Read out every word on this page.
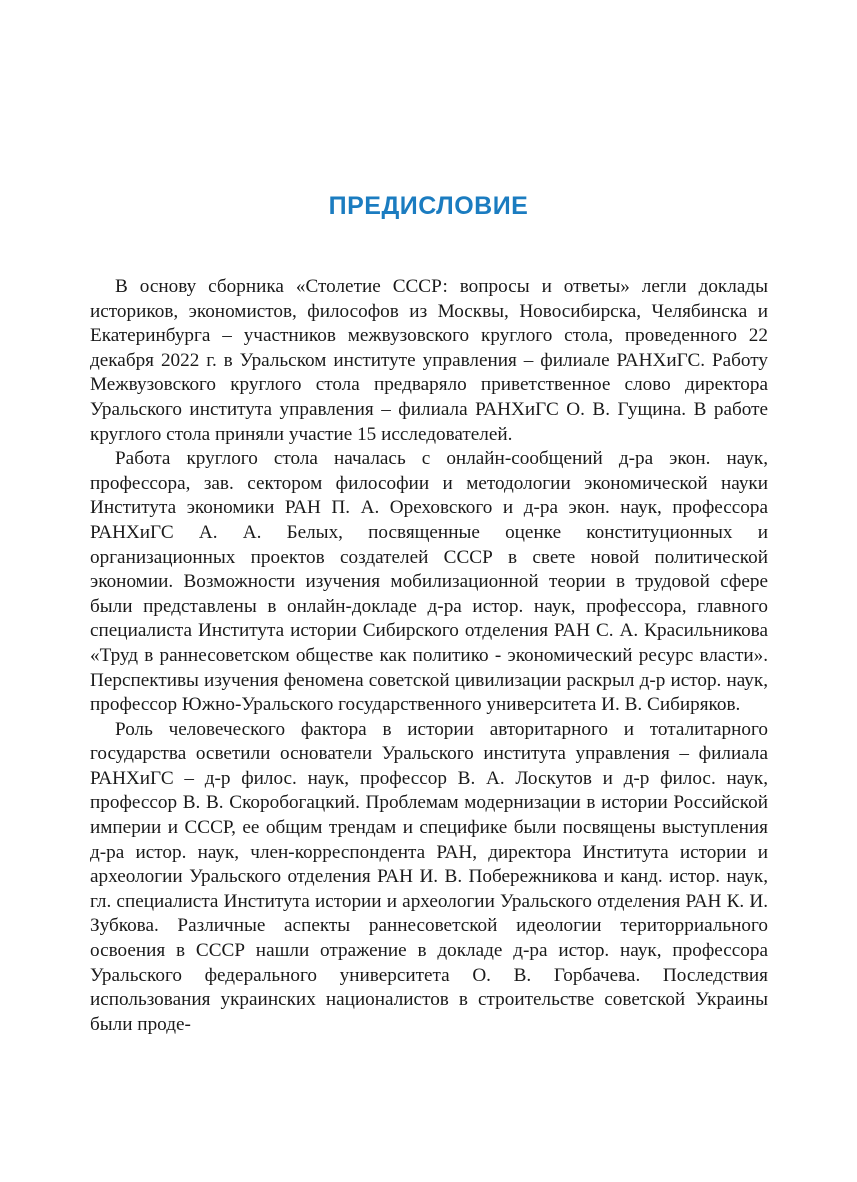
ПРЕДИСЛОВИЕ

В основу сборника «Столетие СССР: вопросы и ответы» легли доклады историков, экономистов, философов из Москвы, Новосибирска, Челябинска и Екатеринбурга – участников межвузовского круглого стола, проведенного 22 декабря 2022 г. в Уральском институте управления – филиале РАНХиГС. Работу Межвузовского круглого стола предваряло приветственное слово директора Уральского института управления – филиала РАНХиГС О. В. Гущина. В работе круглого стола приняли участие 15 исследователей.

Работа круглого стола началась с онлайн-сообщений д-ра экон. наук, профессора, зав. сектором философии и методологии экономической науки Института экономики РАН П. А. Ореховского и д-ра экон. наук, профессора РАНХиГС А. А. Белых, посвященные оценке конституционных и организационных проектов создателей СССР в свете новой политической экономии. Возможности изучения мобилизационной теории в трудовой сфере были представлены в онлайн-докладе д-ра истор. наук, профессора, главного специалиста Института истории Сибирского отделения РАН С. А. Красильникова «Труд в раннесоветском обществе как политико - экономический ресурс власти». Перспективы изучения феномена советской цивилизации раскрыл д-р истор. наук, профессор Южно-Уральского государственного университета И. В. Сибиряков.

Роль человеческого фактора в истории авторитарного и тоталитарного государства осветили основатели Уральского института управления – филиала РАНХиГС – д-р филос. наук, профессор В. А. Лоскутов и д-р филос. наук, профессор В. В. Скоробогацкий. Проблемам модернизации в истории Российской империи и СССР, ее общим трендам и специфике были посвящены выступления д-ра истор. наук, член-корреспондента РАН, директора Института истории и археологии Уральского отделения РАН И. В. Побережникова и канд. истор. наук, гл. специалиста Института истории и археологии Уральского отделения РАН К. И. Зубкова. Различные аспекты раннесоветской идеологии територриального освоения в СССР нашли отражение в докладе д-ра истор. наук, профессора Уральского федерального университета О. В. Горбачева. Последствия использования украинских националистов в строительстве советской Украины были проде-
